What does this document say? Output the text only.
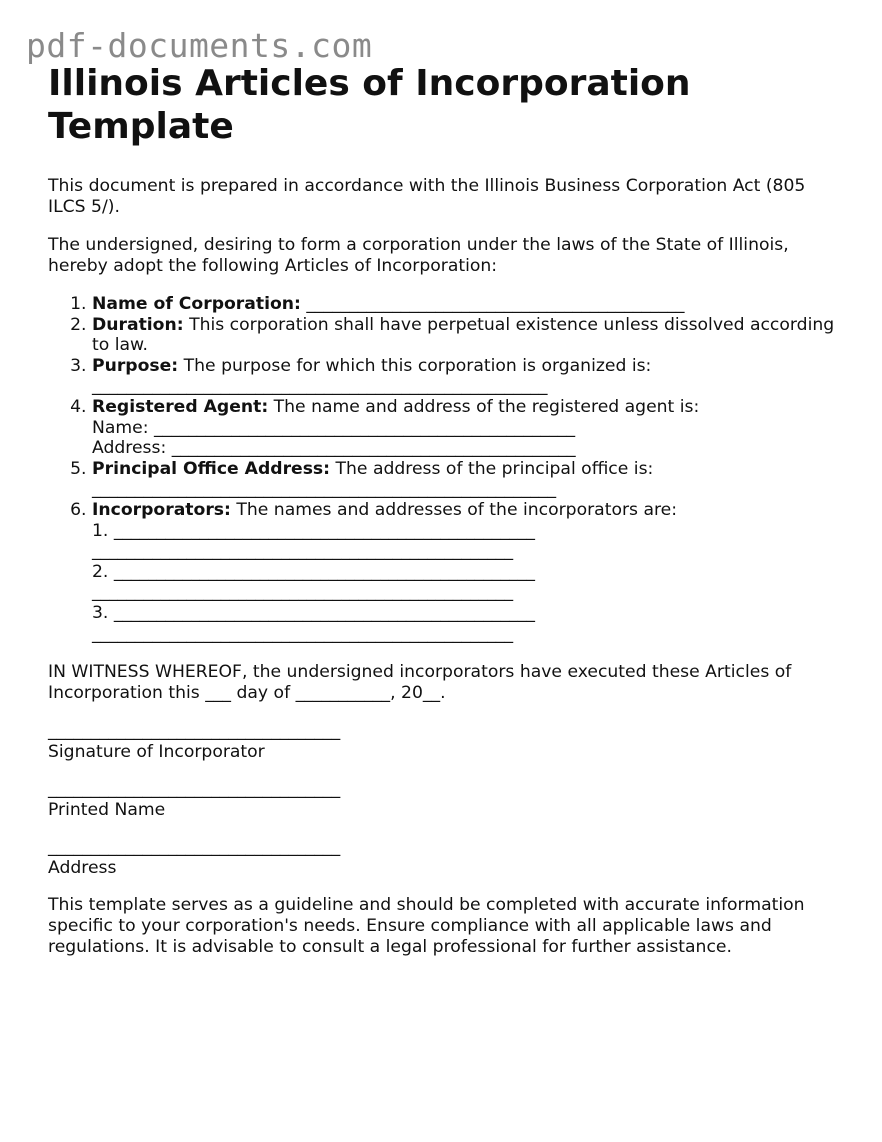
pdf-documents.com
Illinois Articles of Incorporation
Template

This document is prepared in accordance with the Illinois Business Corporation Act (805 ILCS 5/).

The undersigned, desiring to form a corporation under the laws of the State of Illinois, hereby adopt the following Articles of Incorporation:

1. Name of Corporation: ____________________________________________
2. Duration: This corporation shall have perpetual existence unless dissolved according to law.
3. Purpose: The purpose for which this corporation is organized is:
_____________________________________________________
4. Registered Agent: The name and address of the registered agent is:
Name: _________________________________________________
Address: _______________________________________________
5. Principal Office Address: The address of the principal office is:
______________________________________________________
6. Incorporators: The names and addresses of the incorporators are:
1. _________________________________________________
_________________________________________________
2. _________________________________________________
_________________________________________________
3. _________________________________________________
_________________________________________________

IN WITNESS WHEREOF, the undersigned incorporators have executed these Articles of Incorporation this ___ day of ___________, 20__.

__________________________________
Signature of Incorporator
__________________________________
Printed Name
__________________________________
Address

This template serves as a guideline and should be completed with accurate information specific to your corporation's needs. Ensure compliance with all applicable laws and regulations. It is advisable to consult a legal professional for further assistance.
